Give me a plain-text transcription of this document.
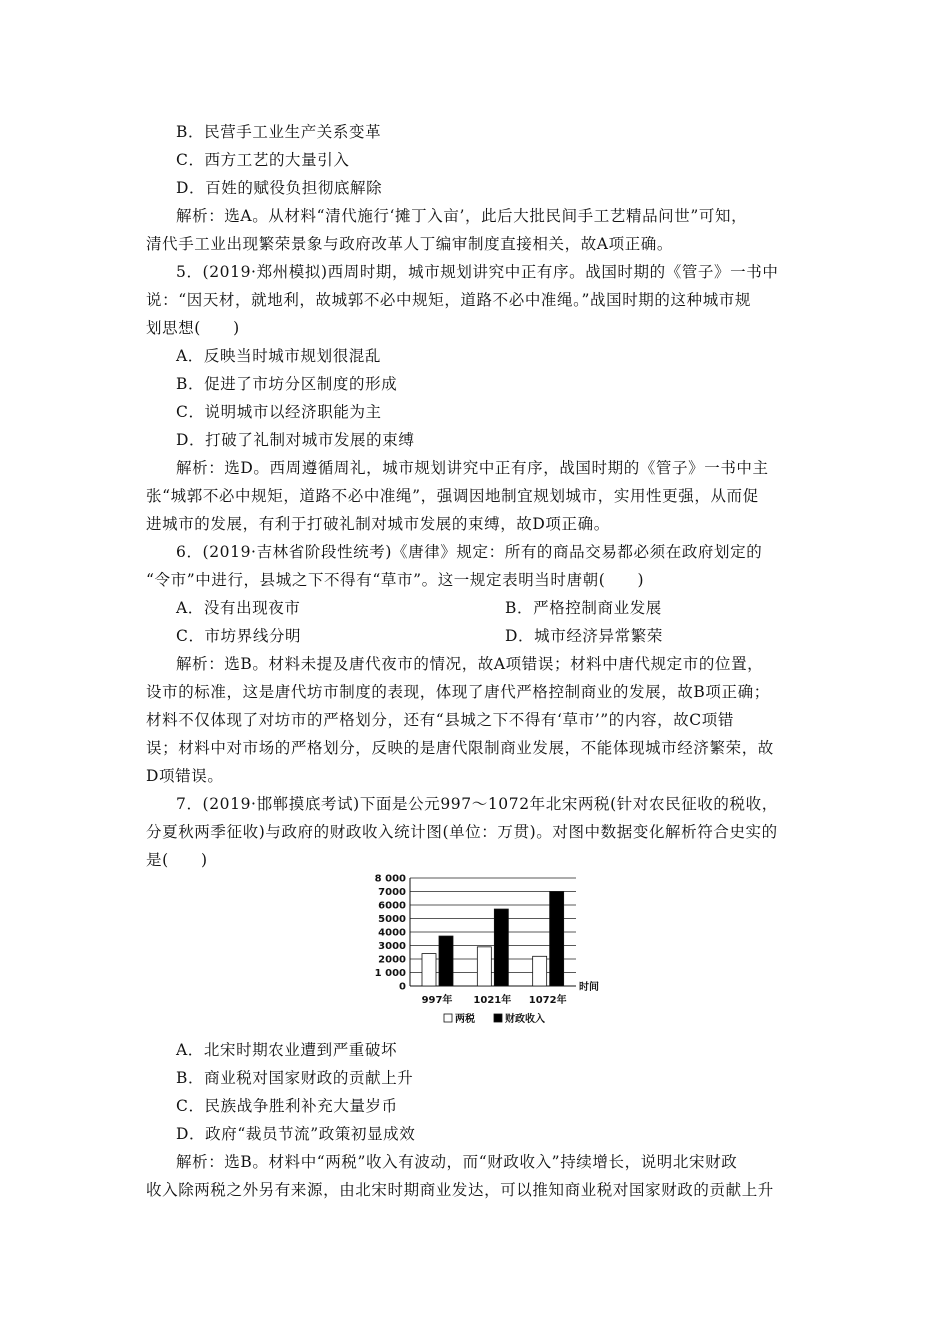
B．民营手工业生产关系变革
C．西方工艺的大量引入
D．百姓的赋役负担彻底解除
解析：选A。从材料“清代施行‘摊丁入亩’，此后大批民间手工艺精品问世”可知，
清代手工业出现繁荣景象与政府改革人丁编审制度直接相关，故A项正确。
5．(2019·郑州模拟)西周时期，城市规划讲究中正有序。战国时期的《管子》一书中
说：“因天材，就地利，故城郭不必中规矩，道路不必中准绳。”战国时期的这种城市规
划思想(　　)
A．反映当时城市规划很混乱
B．促进了市坊分区制度的形成
C．说明城市以经济职能为主
D．打破了礼制对城市发展的束缚
解析：选D。西周遵循周礼，城市规划讲究中正有序，战国时期的《管子》一书中主
张“城郭不必中规矩，道路不必中准绳”，强调因地制宜规划城市，实用性更强，从而促
进城市的发展，有利于打破礼制对城市发展的束缚，故D项正确。
6．(2019·吉林省阶段性统考)《唐律》规定：所有的商品交易都必须在政府划定的
“令市”中进行，县城之下不得有“草市”。这一规定表明当时唐朝(　　)
A．没有出现夜市	B．严格控制商业发展
C．市坊界线分明	D．城市经济异常繁荣
解析：选B。材料未提及唐代夜市的情况，故A项错误；材料中唐代规定市的位置，
设市的标准，这是唐代坊市制度的表现，体现了唐代严格控制商业的发展，故B项正确；
材料不仅体现了对坊市的严格划分，还有“县城之下不得有‘草市’”的内容，故C项错
误；材料中对市场的严格划分，反映的是唐代限制商业发展，不能体现城市经济繁荣，故
D项错误。
7．(2019·邯郸摸底考试)下面是公元997～1072年北宋两税(针对农民征收的税收，
分夏秋两季征收)与政府的财政收入统计图(单位：万贯)。对图中数据变化解析符合史实的
是(　　)
0
1 000
2000
3000
4000
5000
6000
7000
8 000
时间
997年 1021年 1072年
两税	财政收入
A．北宋时期农业遭到严重破坏
B．商业税对国家财政的贡献上升
C．民族战争胜利补充大量岁币
D．政府“裁员节流”政策初显成效
解析：选B。材料中“两税”收入有波动，而“财政收入”持续增长，说明北宋财政
收入除两税之外另有来源，由北宋时期商业发达，可以推知商业税对国家财政的贡献上升
